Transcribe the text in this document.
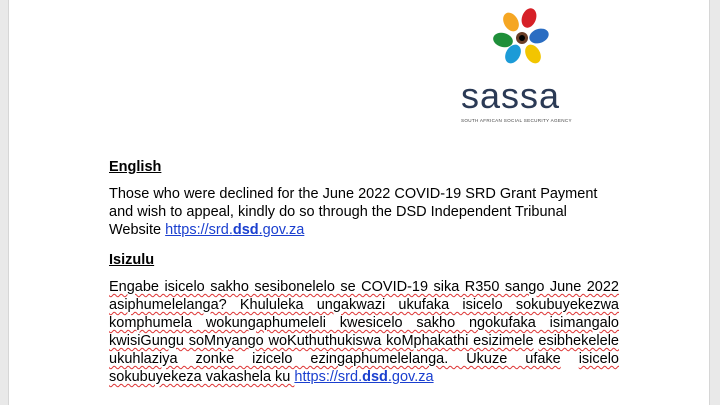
sassa
SOUTH AFRICAN SOCIAL SECURITY AGENCY
English
Those who were declined for the June 2022 COVID-19 SRD Grant Payment and wish to appeal, kindly do so through the DSD Independent Tribunal Website https://srd.dsd.gov.za
Isizulu
Engabe isicelo sakho sesibonelelo se COVID-19 sika R350 sango June 2022 asiphumelelanga? Khululeka ungakwazi ukufaka isicelo sokubuyekezwa komphumela wokungaphumeleli kwesicelo sakho ngokufaka isimangalo kwisiGungu soMnyango woKuthuthukiswa koMphakathi esizimele esibhekelele ukuhlaziya zonke izicelo ezingaphumelelanga. Ukuze ufake isicelo sokubuyekeza vakashela ku https://srd.dsd.gov.za
